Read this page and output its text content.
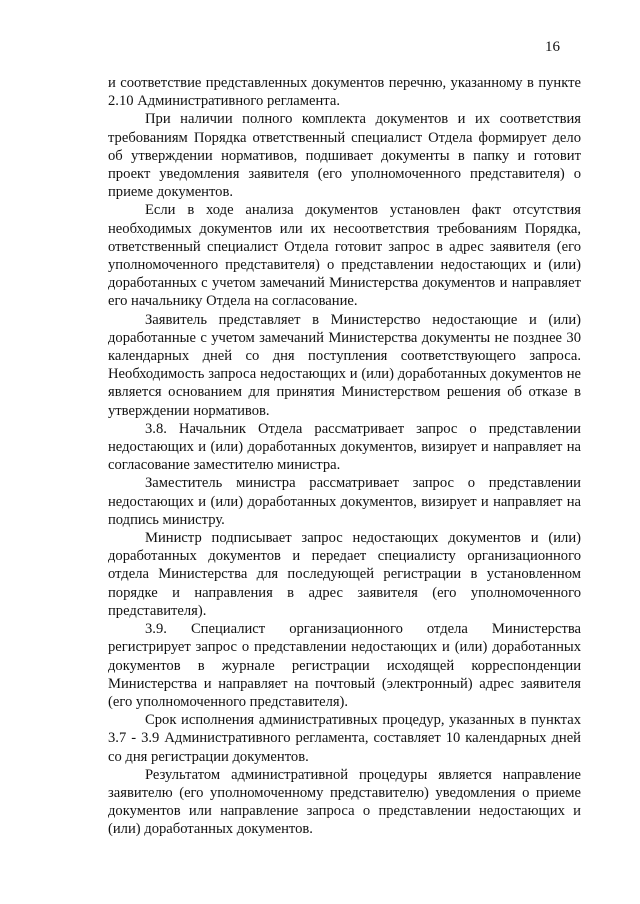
16

и соответствие представленных документов перечню, указанному в пункте 2.10 Административного регламента.

При наличии полного комплекта документов и их соответствия требованиям Порядка ответственный специалист Отдела формирует дело об утверждении нормативов, подшивает документы в папку и готовит проект уведомления заявителя (его уполномоченного представителя) о приеме документов.

Если в ходе анализа документов установлен факт отсутствия необходимых документов или их несоответствия требованиям Порядка, ответственный специалист Отдела готовит запрос в адрес заявителя (его уполномоченного представителя) о представлении недостающих и (или) доработанных с учетом замечаний Министерства документов и направляет его начальнику Отдела на согласование.

Заявитель представляет в Министерство недостающие и (или) доработанные с учетом замечаний Министерства документы не позднее 30 календарных дней со дня поступления соответствующего запроса. Необходимость запроса недостающих и (или) доработанных документов не является основанием для принятия Министерством решения об отказе в утверждении нормативов.

3.8. Начальник Отдела рассматривает запрос о представлении недостающих и (или) доработанных документов, визирует и направляет на согласование заместителю министра.

Заместитель министра рассматривает запрос о представлении недостающих и (или) доработанных документов, визирует и направляет на подпись министру.

Министр подписывает запрос недостающих документов и (или) доработанных документов и передает специалисту организационного отдела Министерства для последующей регистрации в установленном порядке и направления в адрес заявителя (его уполномоченного представителя).

3.9. Специалист организационного отдела Министерства регистрирует запрос о представлении недостающих и (или) доработанных документов в журнале регистрации исходящей корреспонденции Министерства и направляет на почтовый (электронный) адрес заявителя (его уполномоченного представителя).

Срок исполнения административных процедур, указанных в пунктах 3.7 - 3.9 Административного регламента, составляет 10 календарных дней со дня регистрации документов.

Результатом административной процедуры является направление заявителю (его уполномоченному представителю) уведомления о приеме документов или направление запроса о представлении недостающих и (или) доработанных документов.
